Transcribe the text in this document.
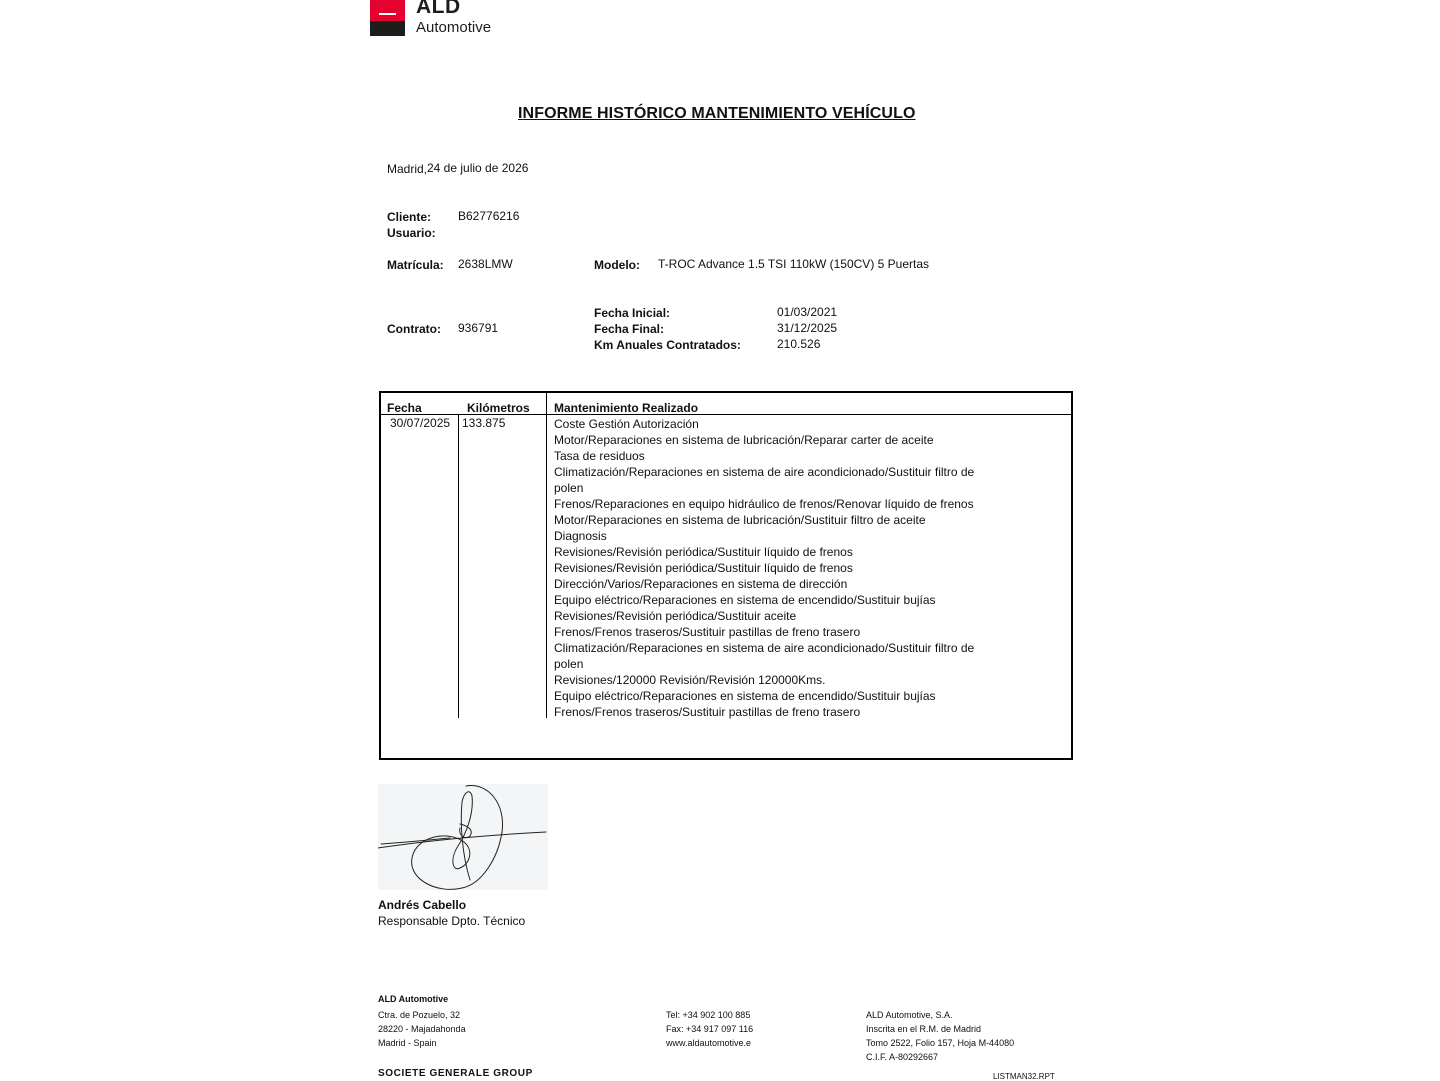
ALD
Automotive
INFORME HISTÓRICO MANTENIMIENTO VEHÍCULO
Madrid, 24 de julio de 2026
Cliente: B62776216
Usuario:
Matrícula: 2638LMW	Modelo: T-ROC Advance 1.5 TSI 110kW (150CV) 5 Puertas
Fecha Inicial:	01/03/2021
Contrato: 936791	Fecha Final:	31/12/2025
Km Anuales Contratados:	210.526
Fecha	Kilómetros Mantenimiento Realizado
30/07/2025 133.875	Coste Gestión Autorización
Motor/Reparaciones en sistema de lubricación/Reparar carter de aceite
Tasa de residuos
Climatización/Reparaciones en sistema de aire acondicionado/Sustituir filtro de
polen
Frenos/Reparaciones en equipo hidráulico de frenos/Renovar líquido de frenos
Motor/Reparaciones en sistema de lubricación/Sustituir filtro de aceite
Diagnosis
Revisiones/Revisión periódica/Sustituir líquido de frenos
Revisiones/Revisión periódica/Sustituir líquido de frenos
Dirección/Varios/Reparaciones en sistema de dirección
Equipo eléctrico/Reparaciones en sistema de encendido/Sustituir bujías
Revisiones/Revisión periódica/Sustituir aceite
Frenos/Frenos traseros/Sustituir pastillas de freno trasero
Climatización/Reparaciones en sistema de aire acondicionado/Sustituir filtro de
polen
Revisiones/120000 Revisión/Revisión 120000Kms.
Equipo eléctrico/Reparaciones en sistema de encendido/Sustituir bujías
Frenos/Frenos traseros/Sustituir pastillas de freno trasero
Andrés Cabello
Responsable Dpto. Técnico
ALD Automotive
Ctra. de Pozuelo, 32
28220 - Majadahonda
Madrid - Spain
Tel: +34 902 100 885
Fax: +34 917 097 116
www.aldautomotive.e
ALD Automotive, S.A.
Inscrita en el R.M. de Madrid
Tomo 2522, Folio 157, Hoja M-44080
C.I.F. A-80292667
SOCIETE GENERALE GROUP	LISTMAN32.RPT
